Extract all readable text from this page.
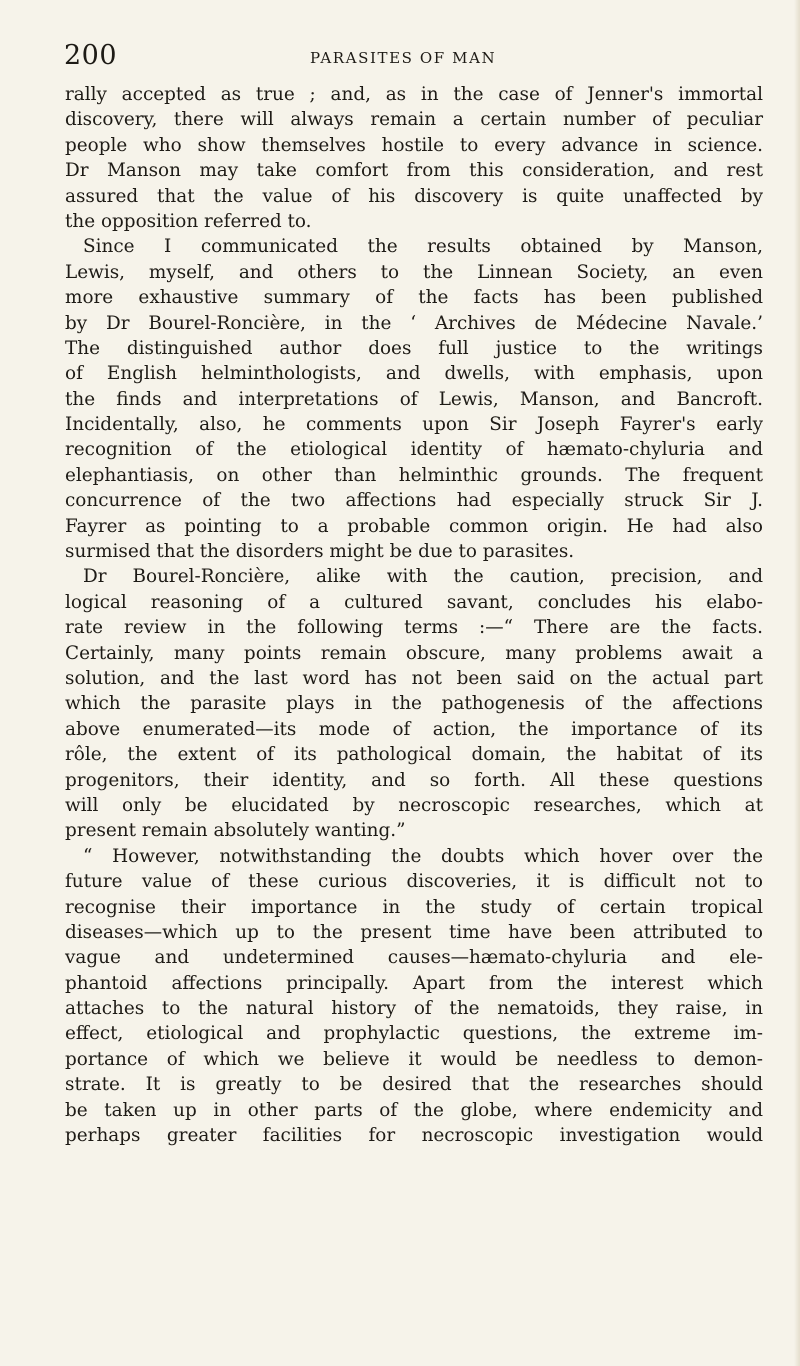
200	PARASITES OF MAN
rally accepted as true ; and, as in the case of Jenner's immortal
discovery, there will always remain a certain number of peculiar
people who show themselves hostile to every advance in science.
Dr Manson may take comfort from this consideration, and rest
assured that the value of his discovery is quite unaffected by
the opposition referred to.
Since I communicated the results obtained by Manson,
Lewis, myself, and others to the Linnean Society, an even
more exhaustive summary of the facts has been published
by Dr Bourel-Roncière, in the ‘ Archives de Médecine Navale.’
The distinguished author does full justice to the writings
of English helminthologists, and dwells, with emphasis, upon
the finds and interpretations of Lewis, Manson, and Bancroft.
Incidentally, also, he comments upon Sir Joseph Fayrer's early
recognition of the etiological identity of hæmato-chyluria and
elephantiasis, on other than helminthic grounds. The frequent
concurrence of the two affections had especially struck Sir J.
Fayrer as pointing to a probable common origin. He had also
surmised that the disorders might be due to parasites.
Dr Bourel-Roncière, alike with the caution, precision, and
logical reasoning of a cultured savant, concludes his elabo-
rate review in the following terms :—“ There are the facts.
Certainly, many points remain obscure, many problems await a
solution, and the last word has not been said on the actual part
which the parasite plays in the pathogenesis of the affections
above enumerated—its mode of action, the importance of its
rôle, the extent of its pathological domain, the habitat of its
progenitors, their identity, and so forth. All these questions
will only be elucidated by necroscopic researches, which at
present remain absolutely wanting.”
“ However, notwithstanding the doubts which hover over the
future value of these curious discoveries, it is difficult not to
recognise their importance in the study of certain tropical
diseases—which up to the present time have been attributed to
vague and undetermined causes—hæmato-chyluria and ele-
phantoid affections principally. Apart from the interest which
attaches to the natural history of the nematoids, they raise, in
effect, etiological and prophylactic questions, the extreme im-
portance of which we believe it would be needless to demon-
strate. It is greatly to be desired that the researches should
be taken up in other parts of the globe, where endemicity and
perhaps greater facilities for necroscopic investigation would
